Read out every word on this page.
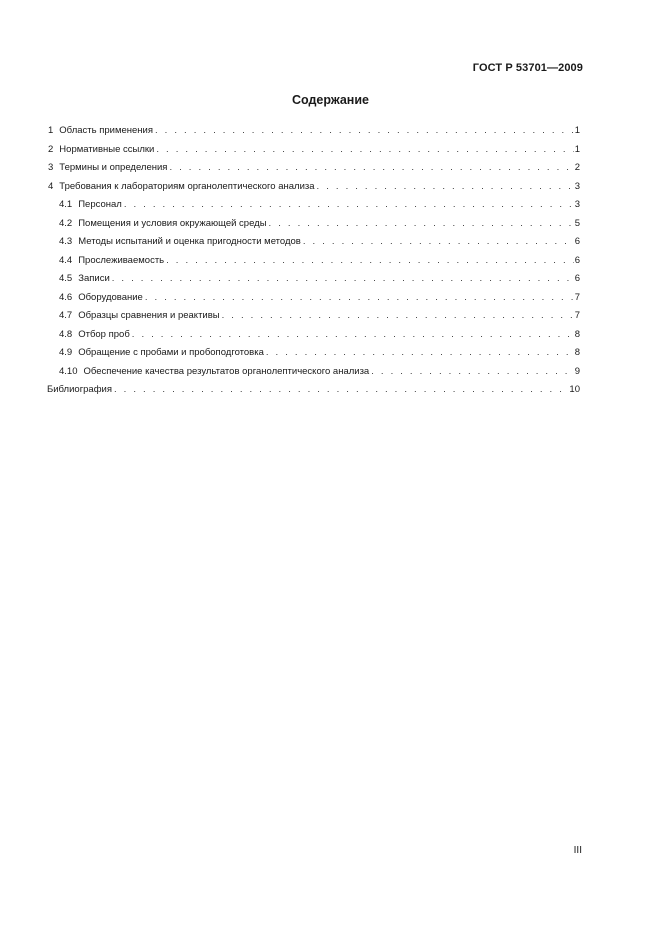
ГОСТ Р 53701—2009
Содержание
1 Область применения . . .	1
2 Нормативные ссылки . . .	1
3 Термины и определения . . .	2
4 Требования к лабораториям органолептического анализа . . .	3
4.1 Персонал . . .	3
4.2 Помещения и условия окружающей среды . . .	5
4.3 Методы испытаний и оценка пригодности методов . . .	6
4.4 Прослеживаемость . . .	6
4.5 Записи . . .	6
4.6 Оборудование . . .	7
4.7 Образцы сравнения и реактивы . . .	7
4.8 Отбор проб . . .	8
4.9 Обращение с пробами и пробоподготовка . . .	8
4.10 Обеспечение качества результатов органолептического анализа . . .	9
Библиография . . .	10
III
